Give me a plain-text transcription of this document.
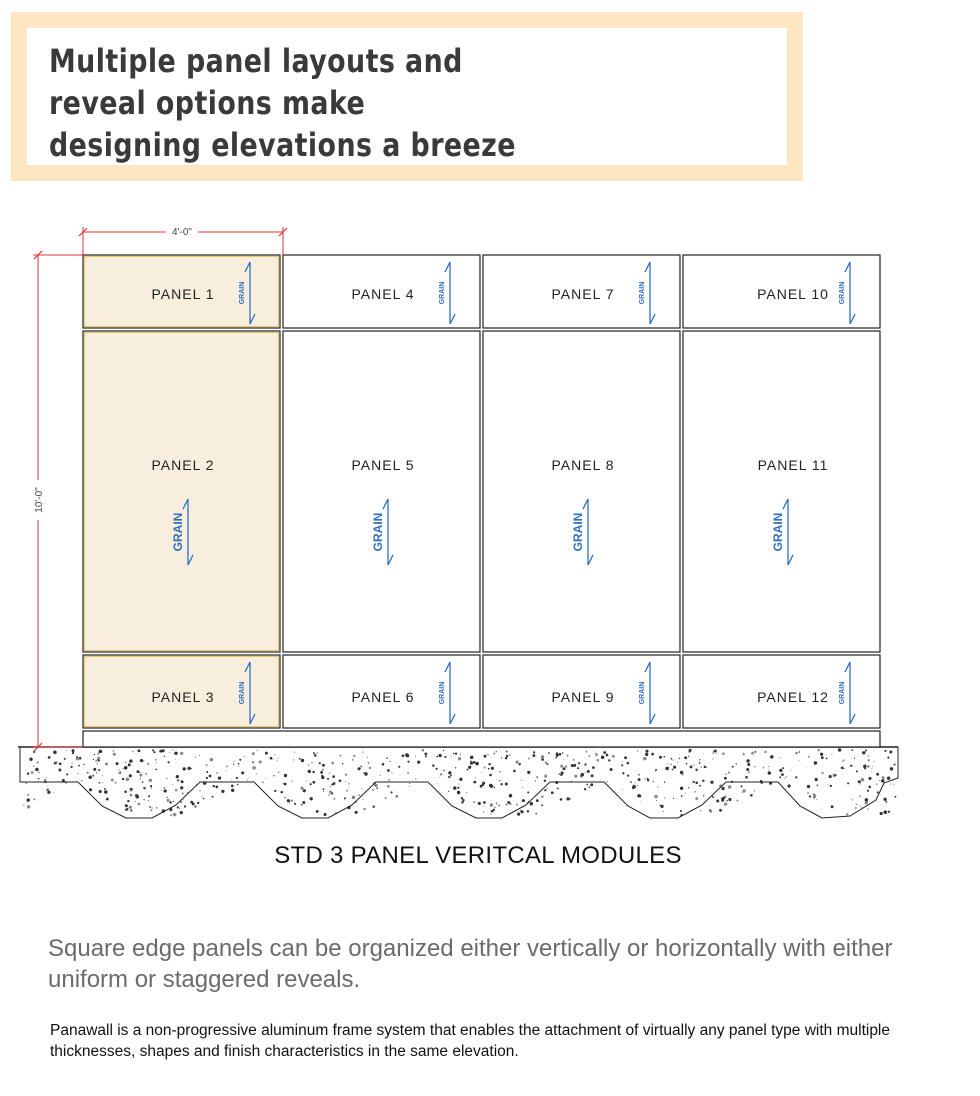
Multiple panel layouts and
reveal options make
designing elevations a breeze
PANEL 1	GRAIN
PANEL 2
GRAIN
PANEL 3	GRAIN
PANEL 4	GRAIN
PANEL 5
GRAIN
PANEL 6	GRAIN
PANEL 7	GRAIN
PANEL 8
GRAIN
PANEL 9	GRAIN
PANEL 10 GRAIN
PANEL 11
GRAIN
PANEL 12 GRAIN
4'-0"
10'-0"
STD 3 PANEL VERITCAL MODULES
Square edge panels can be organized either vertically or horizontally with either uniform or staggered reveals.
Panawall is a non-progressive aluminum frame system that enables the attachment of virtually any panel type with multiple thicknesses, shapes and finish characteristics in the same elevation.
